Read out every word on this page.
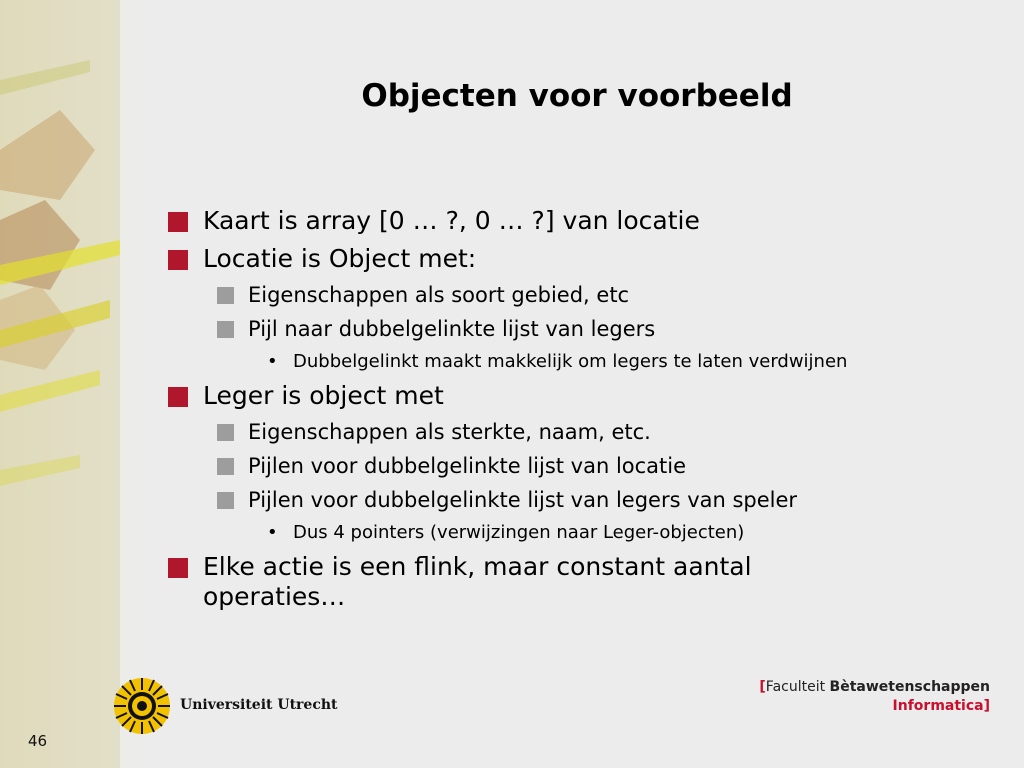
Objecten voor voorbeeld
Kaart is array [0 … ?, 0 … ?] van locatie
Locatie is Object met:
Eigenschappen als soort gebied, etc
Pijl naar dubbelgelinkte lijst van legers
• Dubbelgelinkt maakt makkelijk om legers te laten verdwijnen
Leger is object met
Eigenschappen als sterkte, naam, etc.
Pijlen voor dubbelgelinkte lijst van locatie
Pijlen voor dubbelgelinkte lijst van legers van speler
• Dus 4 pointers (verwijzingen naar Leger-objecten)
Elke actie is een flink, maar constant aantal operaties…
Universiteit Utrecht
[Faculteit Bètawetenschappen
Informatica]
46
